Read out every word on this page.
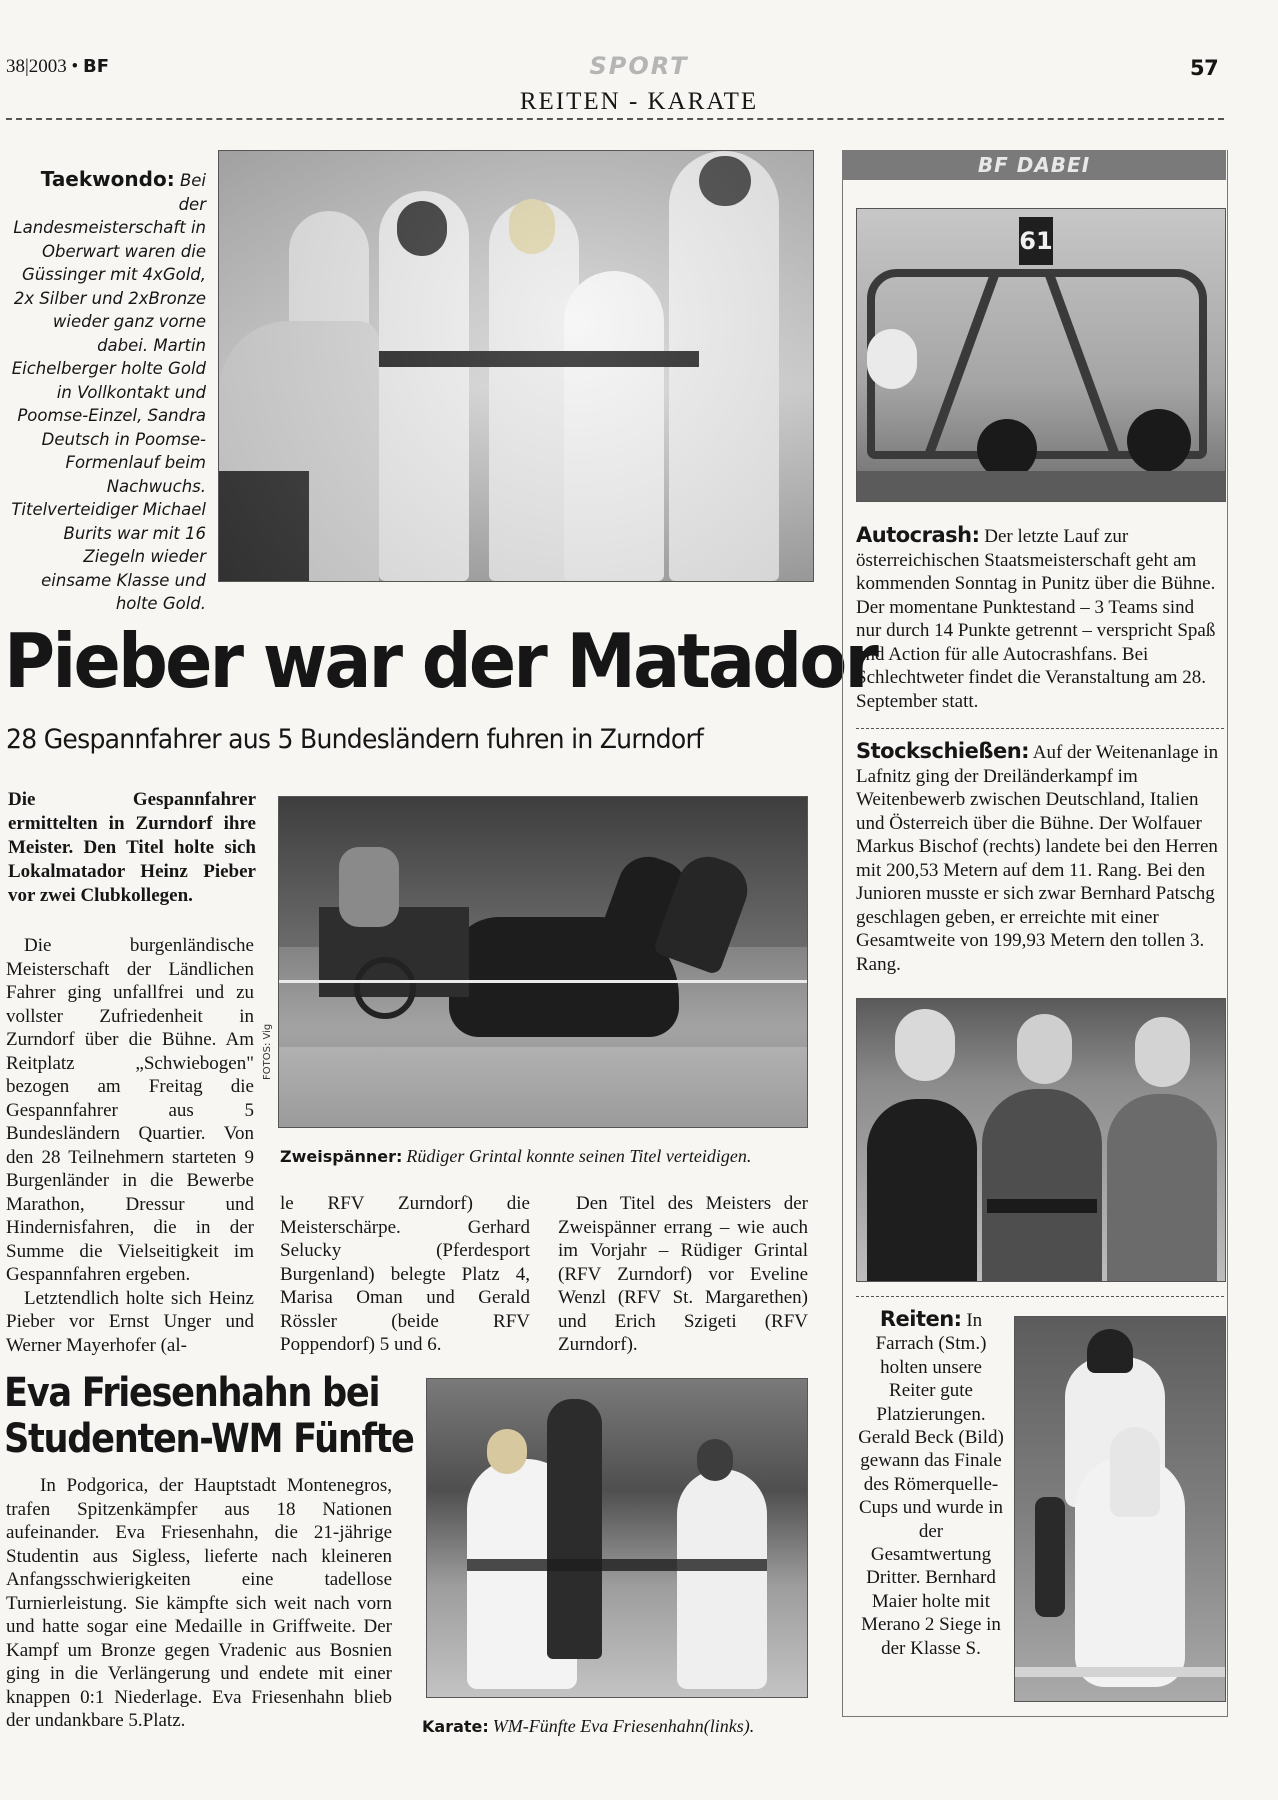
38|2003 • BF	SPORT
REITEN - KARATE
57
Taekwondo: Bei der Landesmeisterschaft in Oberwart waren die Güssinger mit 4xGold, 2x Silber und 2xBronze wieder ganz vorne dabei. Martin Eichelberger holte Gold in Vollkontakt und Poomse-Einzel, Sandra Deutsch in Poomse-Formenlauf beim Nachwuchs. Titelverteidiger Michael Burits war mit 16 Ziegeln wieder einsame Klasse und holte Gold.
Pieber war der Matador
28 Gespannfahrer aus 5 Bundesländern fuhren in Zurndorf
Die Gespannfahrer ermittelten in Zurndorf ihre Meister. Den Titel holte sich Lokalmatador Heinz Pieber vor zwei Clubkollegen.

Die burgenländische Meisterschaft der Ländlichen Fahrer ging unfallfrei und zu vollster Zufriedenheit in Zurndorf über die Bühne. Am Reitplatz „Schwiebogen" bezogen am Freitag die Gespannfahrer aus 5 Bundesländern Quartier. Von den 28 Teilnehmern starteten 9 Burgenländer in die Bewerbe Marathon, Dressur und Hindernisfahren, die in der Summe die Vielseitigkeit im Gespannfahren ergeben.

Letztendlich holte sich Heinz Pieber vor Ernst Unger und Werner Mayerhofer (al-

FOTOS: Vig
Zweispänner: Rüdiger Grintal konnte seinen Titel verteidigen.
le RFV Zurndorf) die Meisterschärpe. Gerhard Selucky (Pferdesport Burgenland) belegte Platz 4, Marisa Oman und Gerald Rössler (beide RFV Poppendorf) 5 und 6.
Den Titel des Meisters der Zweispänner errang – wie auch im Vorjahr – Rüdiger Grintal (RFV Zurndorf) vor Eveline Wenzl (RFV St. Margarethen) und Erich Szigeti (RFV Zurndorf).
Eva Friesenhahn bei
Studenten-WM Fünfte
In Podgorica, der Hauptstadt Montenegros, trafen Spitzenkämpfer aus 18 Nationen aufeinander. Eva Friesenhahn, die 21-jährige Studentin aus Sigless, lieferte nach kleineren Anfangsschwierigkeiten eine tadellose Turnierleistung. Sie kämpfte sich weit nach vorn und hatte sogar eine Medaille in Griffweite. Der Kampf um Bronze gegen Vradenic aus Bosnien ging in die Verlängerung und endete mit einer knappen 0:1 Niederlage. Eva Friesenhahn blieb der undankbare 5.Platz.	Karate: WM-Fünfte Eva Friesenhahn(links).
BF DABEI
61
Autocrash: Der letzte Lauf zur österreichischen Staatsmeisterschaft geht am kommenden Sonntag in Punitz über die Bühne. Der momentane Punktestand – 3 Teams sind nur durch 14 Punkte getrennt – verspricht Spaß und Action für alle Autocrashfans. Bei Schlechtweter findet die Veranstaltung am 28. September statt.
Stockschießen: Auf der Weitenanlage in Lafnitz ging der Dreiländerkampf im Weitenbewerb zwischen Deutschland, Italien und Österreich über die Bühne. Der Wolfauer Markus Bischof (rechts) landete bei den Herren mit 200,53 Metern auf dem 11. Rang. Bei den Junioren musste er sich zwar Bernhard Patschg geschlagen geben, er erreichte mit einer Gesamtweite von 199,93 Metern den tollen 3. Rang.
Reiten: In Farrach (Stm.) holten unsere Reiter gute Platzierungen. Gerald Beck (Bild) gewann das Finale des Römerquelle-Cups und wurde in der Gesamtwertung Dritter. Bernhard Maier holte mit Merano 2 Siege in der Klasse S.
